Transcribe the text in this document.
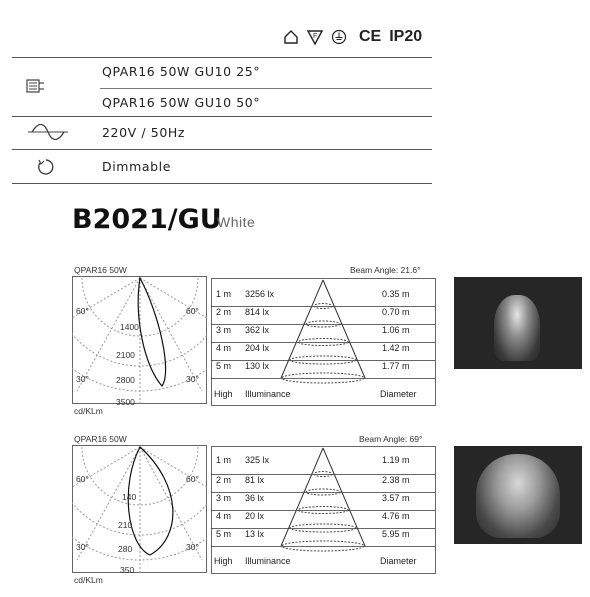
F	CE IP20
QPAR16 50W GU10 25°
QPAR16 50W GU10 50°
220V / 50Hz
Dimmable
B2021/GU
White
QPAR16 50W	Beam Angle: 21.6°
60°	60°
30°	30°
1400
2100
2800
3500
cd/KLm
1 m 3256 lx	0.35 m
2 m 814 lx	0.70 m
3 m 362 lx	1.06 m
4 m 204 lx	1.42 m
5 m 130 lx	1.77 m
High Illuminance	Diameter
QPAR16 50W	Beam Angle: 69°
60°	60°
30°	30°
140
210
280
350
cd/KLm
1 m 325 lx	1.19 m
2 m 81 lx	2.38 m
3 m 36 lx	3.57 m
4 m 20 lx	4.76 m
5 m 13 lx	5.95 m
High Illuminance	Diameter
